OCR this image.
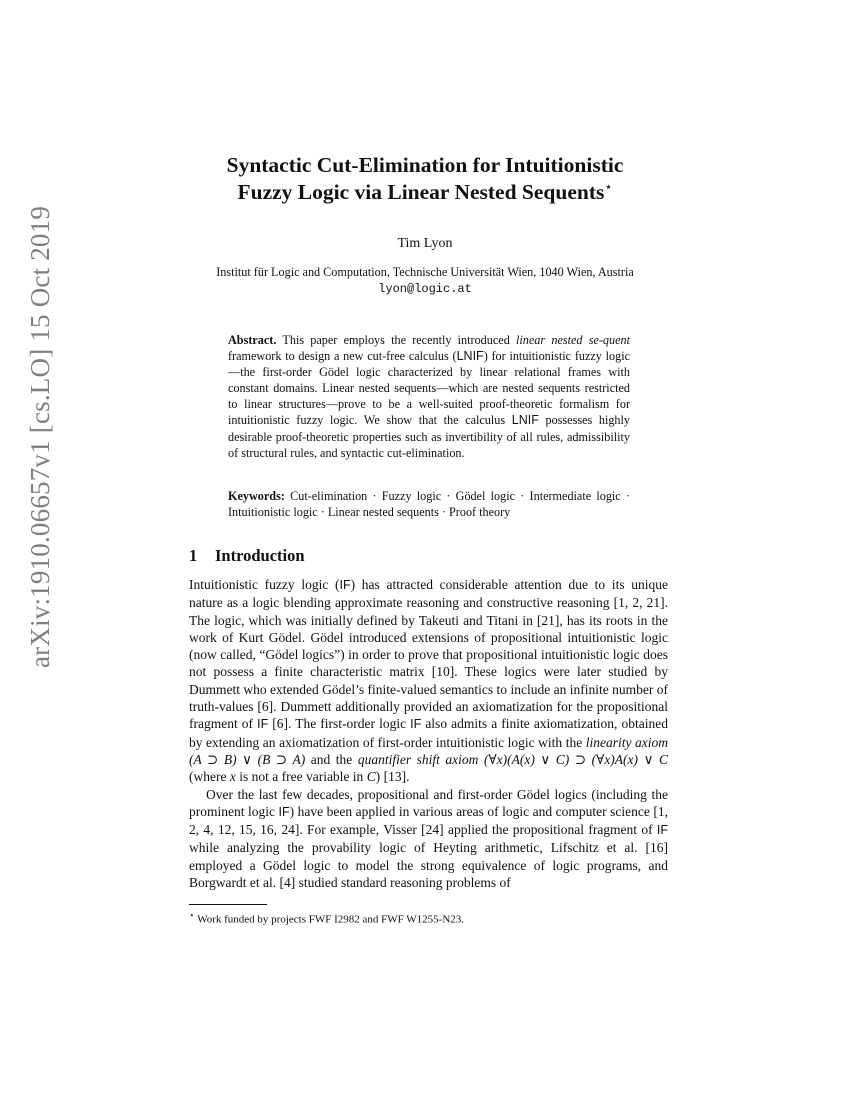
arXiv:1910.06657v1 [cs.LO] 15 Oct 2019
Syntactic Cut-Elimination for Intuitionistic
Fuzzy Logic via Linear Nested Sequents⋆
Tim Lyon
Institut für Logic and Computation, Technische Universität Wien, 1040 Wien, Austria
lyon@logic.at
Abstract. This paper employs the recently introduced linear nested se-quent framework to design a new cut-free calculus (LNIF) for intuitionistic fuzzy logic—the first-order Gödel logic characterized by linear relational frames with constant domains. Linear nested sequents—which are nested sequents restricted to linear structures—prove to be a well-suited proof-theoretic formalism for intuitionistic fuzzy logic. We show that the calculus LNIF possesses highly desirable proof-theoretic properties such as invertibility of all rules, admissibility of structural rules, and syntactic cut-elimination.
Keywords: Cut-elimination · Fuzzy logic · Gödel logic · Intermediate logic · Intuitionistic logic · Linear nested sequents · Proof theory
1 Introduction

Intuitionistic fuzzy logic (IF) has attracted considerable attention due to its unique nature as a logic blending approximate reasoning and constructive reasoning [1, 2, 21]. The logic, which was initially defined by Takeuti and Titani in [21], has its roots in the work of Kurt Gödel. Gödel introduced extensions of propositional intuitionistic logic (now called, “Gödel logics”) in order to prove that propositional intuitionistic logic does not possess a finite characteristic matrix [10]. These logics were later studied by Dummett who extended Gödel’s finite-valued semantics to include an infinite number of truth-values [6]. Dummett additionally provided an axiomatization for the propositional fragment of IF [6]. The first-order logic IF also admits a finite axiomatization, obtained by extending an axiomatization of first-order intuitionistic logic with the linearity axiom (A ⊃ B) ∨ (B ⊃ A) and the quantifier shift axiom (∀x)(A(x) ∨ C) ⊃ (∀x)A(x) ∨ C (where x is not a free variable in C) [13].

Over the last few decades, propositional and first-order Gödel logics (including the prominent logic IF) have been applied in various areas of logic and computer science [1, 2, 4, 12, 15, 16, 24]. For example, Visser [24] applied the propositional fragment of IF while analyzing the provability logic of Heyting arithmetic, Lifschitz et al. [16] employed a Gödel logic to model the strong equivalence of logic programs, and Borgwardt et al. [4] studied standard reasoning problems of

⋆ Work funded by projects FWF I2982 and FWF W1255-N23.
